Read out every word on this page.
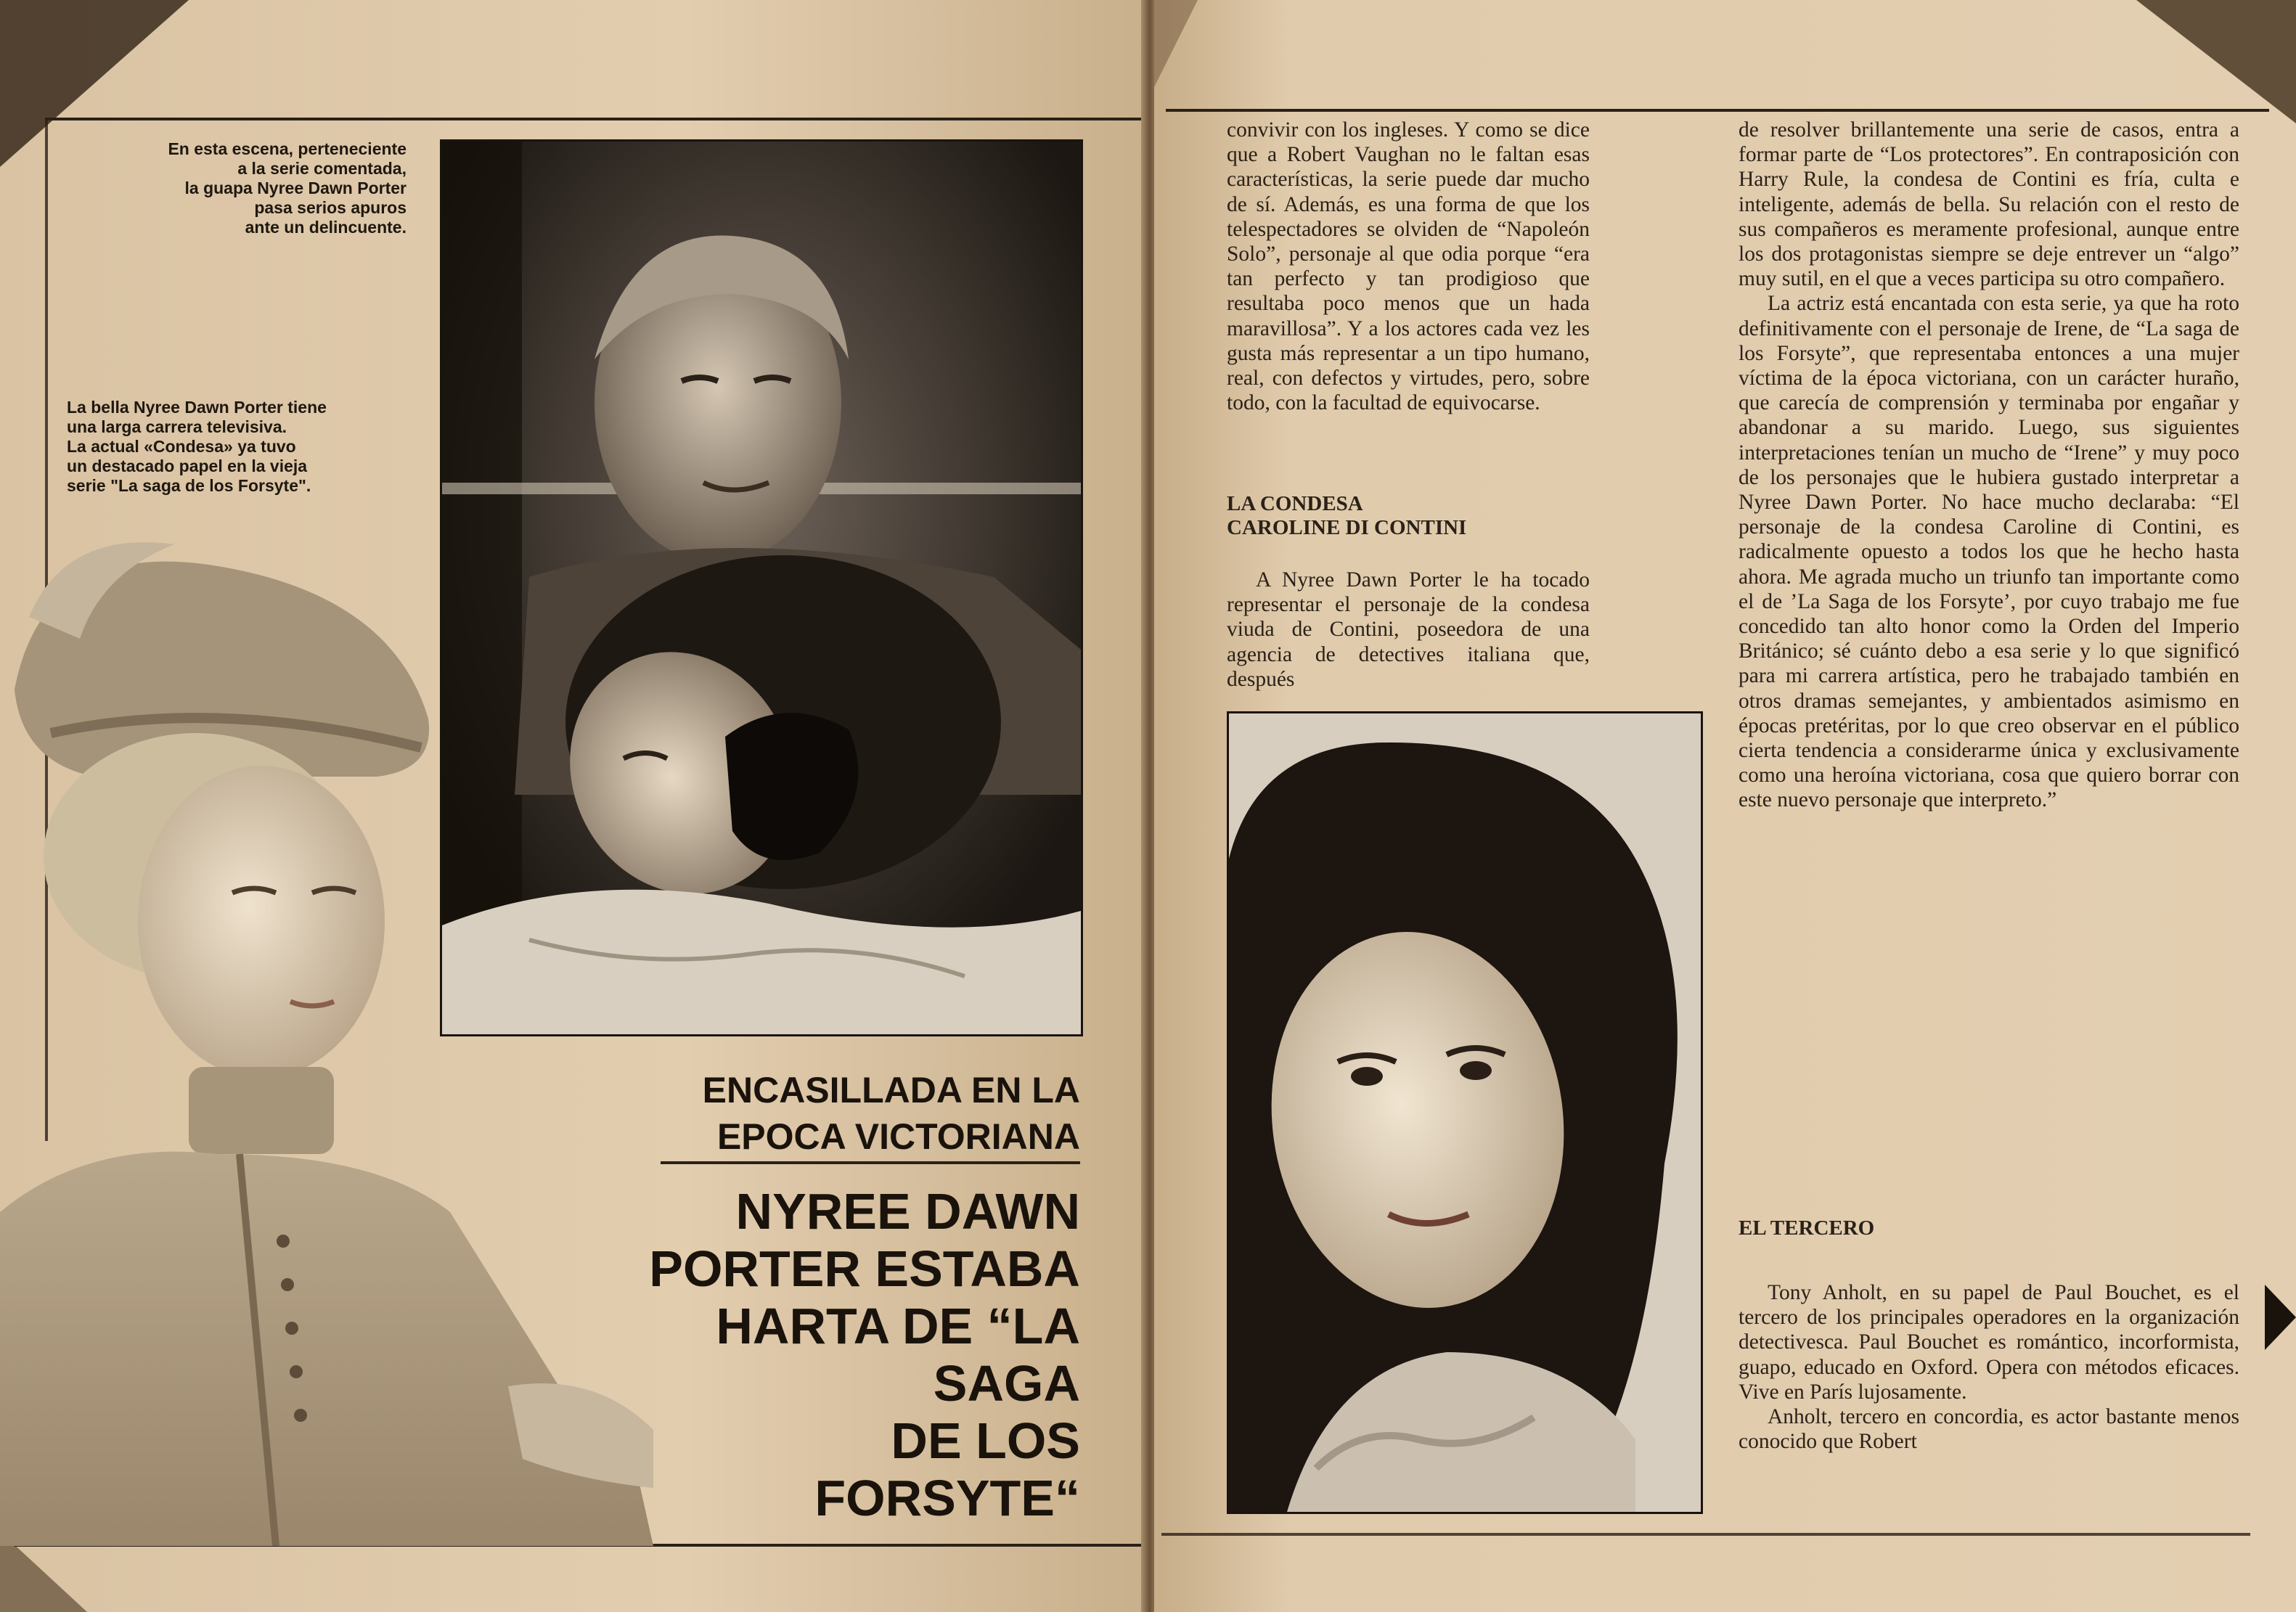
En esta escena, perteneciente
a la serie comentada,
la guapa Nyree Dawn Porter
pasa serios apuros
ante un delincuente.
La bella Nyree Dawn Porter tiene
una larga carrera televisiva.
La actual «Condesa» ya tuvo
un destacado papel en la vieja
serie "La saga de los Forsyte".
ENCASILLADA EN LA
EPOCA VICTORIANA
NYREE DAWN
PORTER ESTABA
HARTA DE “LA
SAGA
DE LOS
FORSYTE“

convivir con los ingleses. Y como se dice que a Robert Vaughan no le faltan esas características, la serie puede dar mucho de sí. Además, es una forma de que los telespectadores se olviden de “Napoleón Solo”, personaje al que odia porque “era tan perfecto y tan prodigioso que resultaba poco menos que un hada maravillosa”. Y a los actores cada vez les gusta más representar a un tipo humano, real, con defectos y virtudes, pero, sobre todo, con la facultad de equivocarse.

LA CONDESA
CAROLINE DI CONTINI

A Nyree Dawn Porter le ha tocado representar el personaje de la condesa viuda de Contini, poseedora de una agencia de detectives italiana que, después

de resolver brillantemente una serie de casos, entra a formar parte de “Los protectores”. En contraposición con Harry Rule, la condesa de Contini es fría, culta e inteligente, además de bella. Su relación con el resto de sus compañeros es meramente profesional, aunque entre los dos protagonistas siempre se deje entrever un “algo” muy sutil, en el que a veces participa su otro compañero.

La actriz está encantada con esta serie, ya que ha roto definitivamente con el personaje de Irene, de “La saga de los Forsyte”, que representaba entonces a una mujer víctima de la época victoriana, con un carácter huraño, que carecía de comprensión y terminaba por engañar y abandonar a su marido. Luego, sus siguientes interpretaciones tenían un mucho de “Irene” y muy poco de los personajes que le hubiera gustado interpretar a Nyree Dawn Porter. No hace mucho declaraba: “El personaje de la condesa Caroline di Contini, es radicalmente opuesto a todos los que he hecho hasta ahora. Me agrada mucho un triunfo tan importante como el de ’La Saga de los Forsyte’, por cuyo trabajo me fue concedido tan alto honor como la Orden del Imperio Británico; sé cuánto debo a esa serie y lo que significó para mi carrera artística, pero he trabajado también en otros dramas semejantes, y ambientados asimismo en épocas pretéritas, por lo que creo observar en el público cierta tendencia a considerarme única y exclusivamente como una heroína victoriana, cosa que quiero borrar con este nuevo personaje que interpreto.”

EL TERCERO

Tony Anholt, en su papel de Paul Bouchet, es el tercero de los principales operadores en la organización detectivesca. Paul Bouchet es romántico, incorformista, guapo, educado en Oxford. Opera con métodos eficaces. Vive en París lujosamente.

Anholt, tercero en concordia, es actor bastante menos conocido que Robert
